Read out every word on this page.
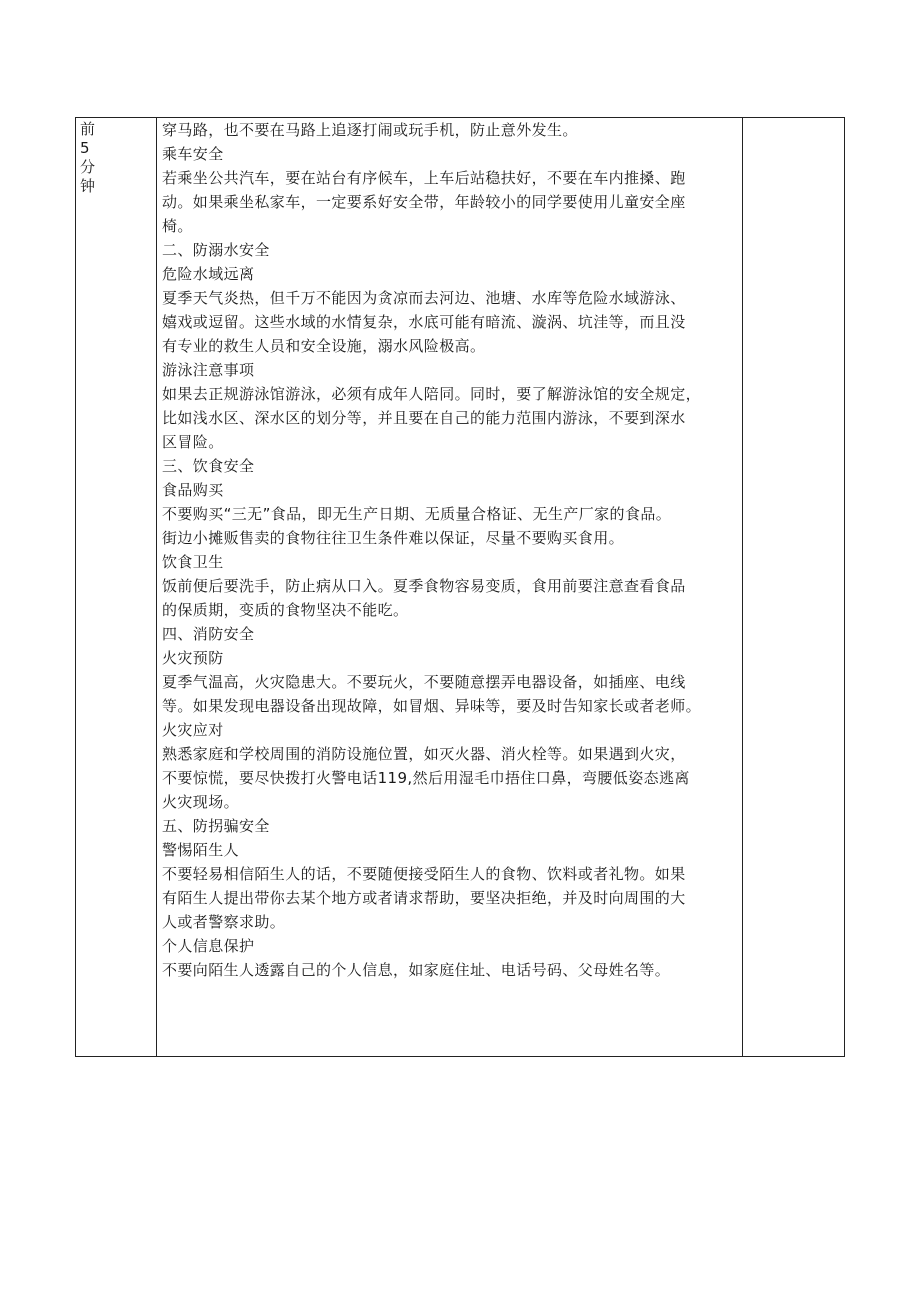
前
5
分
钟

穿马路，也不要在马路上追逐打闹或玩手机，防止意外发生。

乘车安全

若乘坐公共汽车，要在站台有序候车，上车后站稳扶好，不要在车内推搡、跑

动。如果乘坐私家车，一定要系好安全带，年龄较小的同学要使用儿童安全座

椅。

二、防溺水安全

危险水域远离

夏季天气炎热，但千万不能因为贪凉而去河边、池塘、水库等危险水域游泳、

嬉戏或逗留。这些水域的水情复杂，水底可能有暗流、漩涡、坑洼等，而且没

有专业的救生人员和安全设施，溺水风险极高。

游泳注意事项

如果去正规游泳馆游泳，必须有成年人陪同。同时，要了解游泳馆的安全规定，

比如浅水区、深水区的划分等，并且要在自己的能力范围内游泳，不要到深水

区冒险。

三、饮食安全

食品购买

不要购买“三无”食品，即无生产日期、无质量合格证、无生产厂家的食品。

街边小摊贩售卖的食物往往卫生条件难以保证，尽量不要购买食用。

饮食卫生

饭前便后要洗手，防止病从口入。夏季食物容易变质，食用前要注意查看食品

的保质期，变质的食物坚决不能吃。

四、消防安全

火灾预防

夏季气温高，火灾隐患大。不要玩火，不要随意摆弄电器设备，如插座、电线

等。如果发现电器设备出现故障，如冒烟、异味等，要及时告知家长或者老师。

火灾应对

熟悉家庭和学校周围的消防设施位置，如灭火器、消火栓等。如果遇到火灾，

不要惊慌，要尽快拨打火警电话119,然后用湿毛巾捂住口鼻，弯腰低姿态逃离

火灾现场。

五、防拐骗安全

警惕陌生人

不要轻易相信陌生人的话，不要随便接受陌生人的食物、饮料或者礼物。如果

有陌生人提出带你去某个地方或者请求帮助，要坚决拒绝，并及时向周围的大

人或者警察求助。

个人信息保护

不要向陌生人透露自己的个人信息，如家庭住址、电话号码、父母姓名等。
